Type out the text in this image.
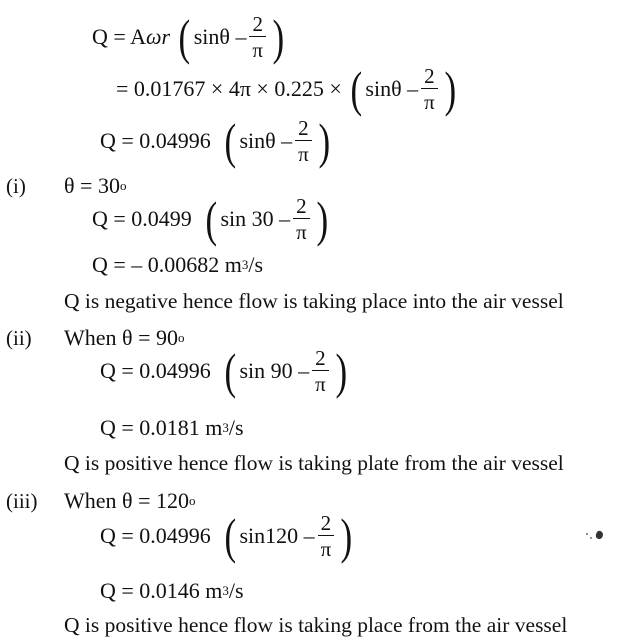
Q = A ωr ( sinθ – $\frac{2}{\pi}$ )
= 0.01767 × 4π × 0.225 × ( sinθ – $\frac{2}{\pi}$ )
Q = 0.04996 ( sinθ – $\frac{2}{\pi}$ )
(i) θ = 30 o
Q = 0.0499 ( $\sin 30 - \frac{2}{\pi}$ )
Q = – 0.00682 m 3 /s
Q is negative hence flow is taking place into the air vessel
(ii) When θ = 90 o
Q = 0.04996 ( $\sin 90 - \frac{2}{\pi}$ )
Q = 0.0181 m 3 /s
Q is positive hence flow is taking plate from the air vessel
(iii) When θ = 120 o
Q = 0.04996 ( $\sin 120 - \frac{2}{\pi}$ )
Q = 0.0146 m 3 /s
Q is positive hence flow is taking place from the air vessel
